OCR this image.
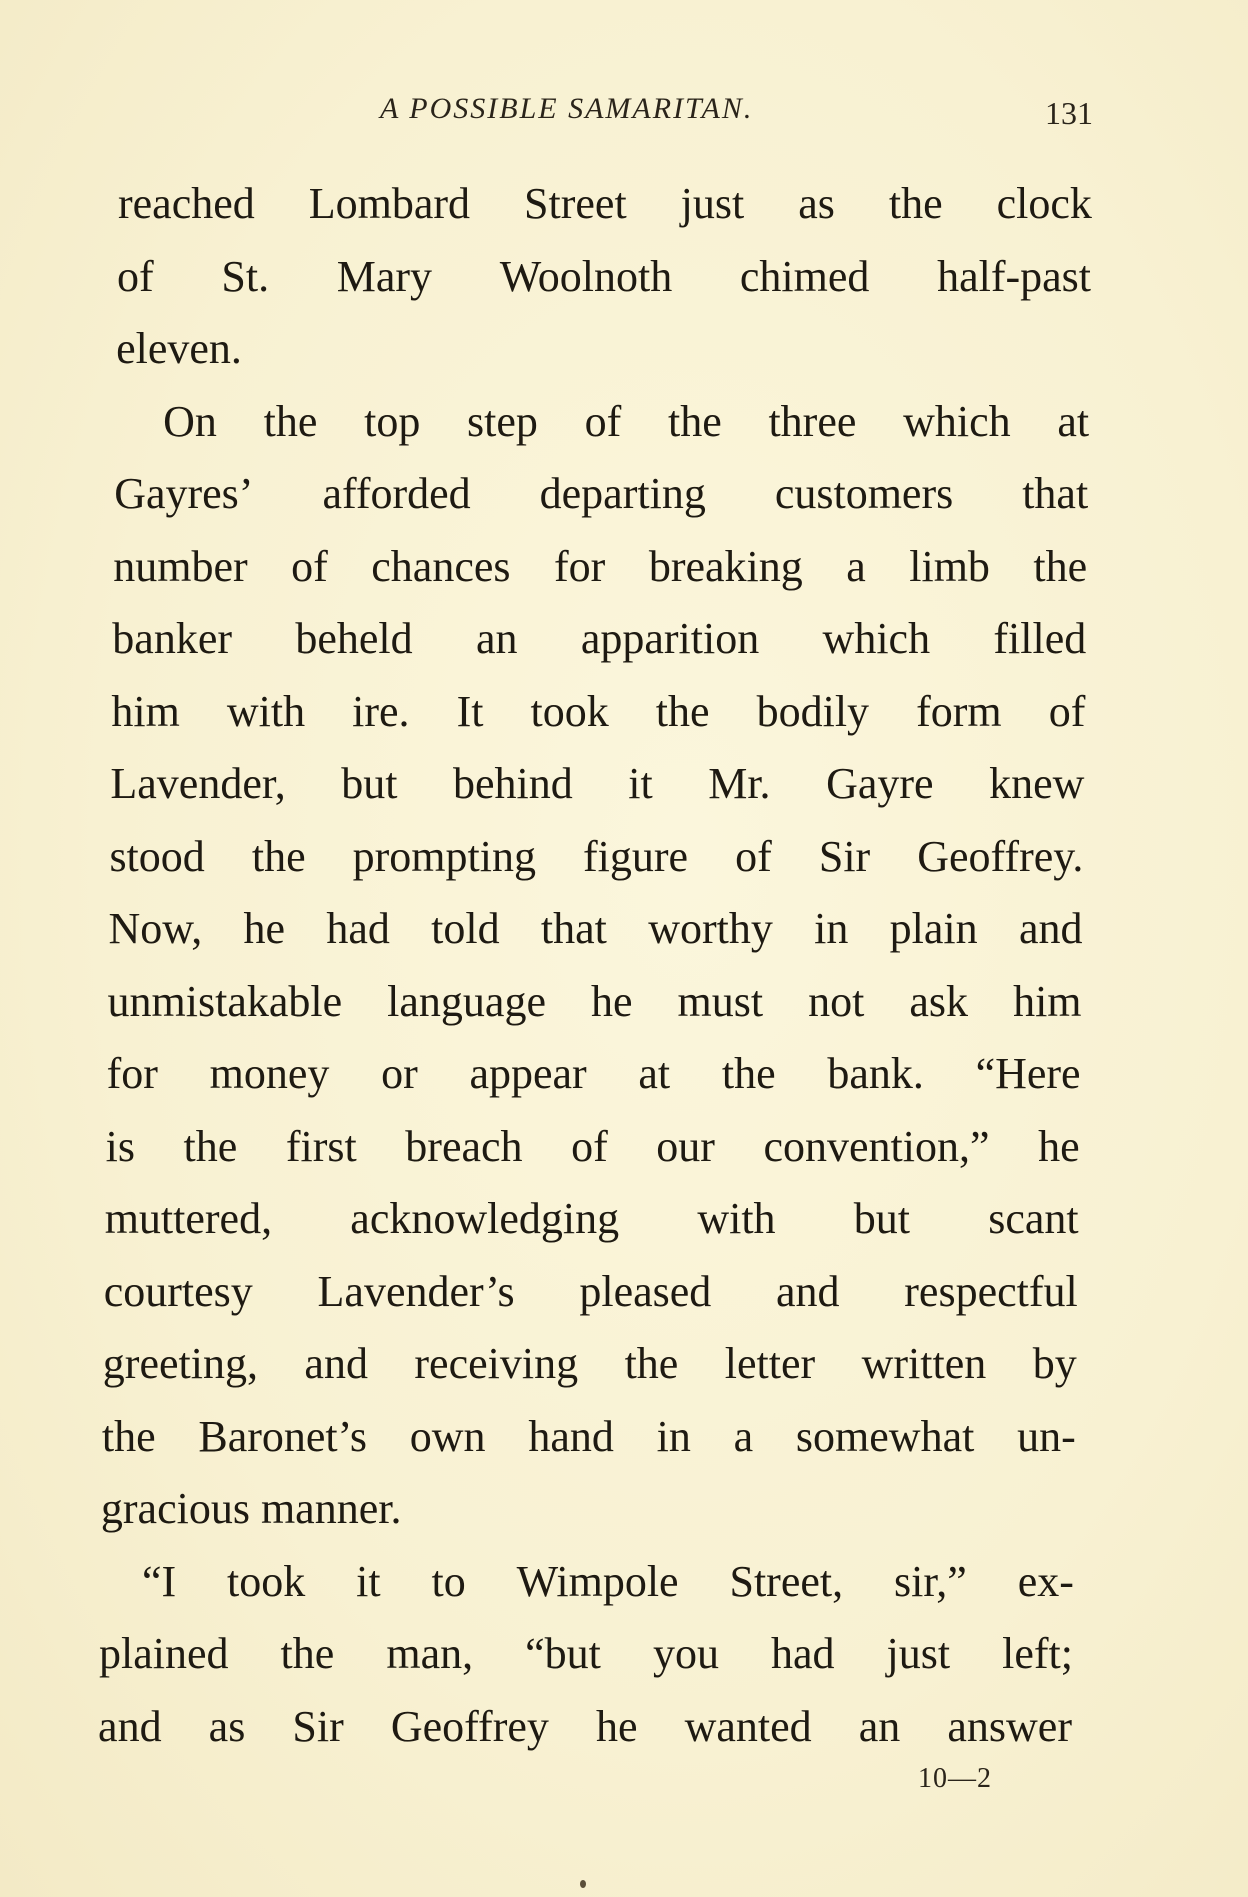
A POSSIBLE SAMARITAN.	131
reached Lombard Street just as the clock
of St. Mary Woolnoth chimed half-past
eleven.
On the top step of the three which at
Gayres’ afforded departing customers that
number of chances for breaking a limb the
banker beheld an apparition which filled
him with ire. It took the bodily form of
Lavender, but behind it Mr. Gayre knew
stood the prompting figure of Sir Geoffrey.
Now, he had told that worthy in plain and
unmistakable language he must not ask him
for money or appear at the bank. “Here
is the first breach of our convention,” he
muttered, acknowledging with but scant
courtesy Lavender’s pleased and respectful
greeting, and receiving the letter written by
the Baronet’s own hand in a somewhat un-
gracious manner.
“I took it to Wimpole Street, sir,” ex-
plained the man, “but you had just left;
and as Sir Geoffrey he wanted an answer
10—2
